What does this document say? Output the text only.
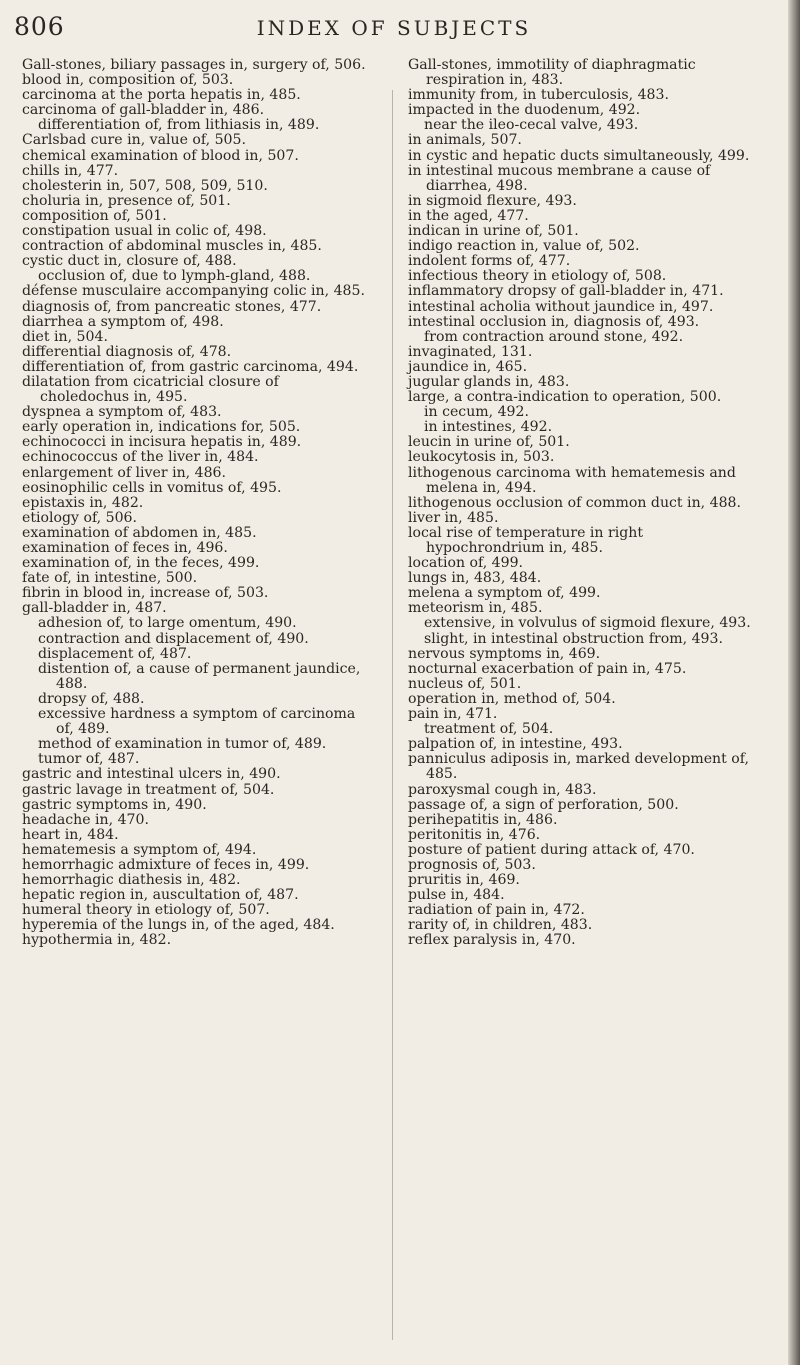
806	INDEX OF SUBJECTS

Gall-stones, biliary passages in, surgery of, 506.

blood in, composition of, 503.

carcinoma at the porta hepatis in, 485.

carcinoma of gall-bladder in, 486.

differentiation of, from lithiasis in, 489.

Carlsbad cure in, value of, 505.

chemical examination of blood in, 507.

chills in, 477.

cholesterin in, 507, 508, 509, 510.

choluria in, presence of, 501.

composition of, 501.

constipation usual in colic of, 498.

contraction of abdominal muscles in, 485.

cystic duct in, closure of, 488.

occlusion of, due to lymph-gland, 488.

défense musculaire accompanying colic in, 485.

diagnosis of, from pancreatic stones, 477.

diarrhea a symptom of, 498.

diet in, 504.

differential diagnosis of, 478.

differentiation of, from gastric carcinoma, 494.

dilatation from cicatricial closure of choledochus in, 495.

dyspnea a symptom of, 483.

early operation in, indications for, 505.

echinococci in incisura hepatis in, 489.

echinococcus of the liver in, 484.

enlargement of liver in, 486.

eosinophilic cells in vomitus of, 495.

epistaxis in, 482.

etiology of, 506.

examination of abdomen in, 485.

examination of feces in, 496.

examination of, in the feces, 499.

fate of, in intestine, 500.

fibrin in blood in, increase of, 503.

gall-bladder in, 487.

adhesion of, to large omentum, 490.

contraction and displacement of, 490.

displacement of, 487.

distention of, a cause of permanent jaundice, 488.

dropsy of, 488.

excessive hardness a symptom of carcinoma of, 489.

method of examination in tumor of, 489.

tumor of, 487.

gastric and intestinal ulcers in, 490.

gastric lavage in treatment of, 504.

gastric symptoms in, 490.

headache in, 470.

heart in, 484.

hematemesis a symptom of, 494.

hemorrhagic admixture of feces in, 499.

hemorrhagic diathesis in, 482.

hepatic region in, auscultation of, 487.

humeral theory in etiology of, 507.

hyperemia of the lungs in, of the aged, 484.

hypothermia in, 482.

Gall-stones, immotility of diaphragmatic respiration in, 483.

immunity from, in tuberculosis, 483.

impacted in the duodenum, 492.

near the ileo-cecal valve, 493.

in animals, 507.

in cystic and hepatic ducts simultaneously, 499.

in intestinal mucous membrane a cause of diarrhea, 498.

in sigmoid flexure, 493.

in the aged, 477.

indican in urine of, 501.

indigo reaction in, value of, 502.

indolent forms of, 477.

infectious theory in etiology of, 508.

inflammatory dropsy of gall-bladder in, 471.

intestinal acholia without jaundice in, 497.

intestinal occlusion in, diagnosis of, 493.

from contraction around stone, 492.

invaginated, 131.

jaundice in, 465.

jugular glands in, 483.

large, a contra-indication to operation, 500.

in cecum, 492.

in intestines, 492.

leucin in urine of, 501.

leukocytosis in, 503.

lithogenous carcinoma with hematemesis and melena in, 494.

lithogenous occlusion of common duct in, 488.

liver in, 485.

local rise of temperature in right hypochrondrium in, 485.

location of, 499.

lungs in, 483, 484.

melena a symptom of, 499.

meteorism in, 485.

extensive, in volvulus of sigmoid flexure, 493.

slight, in intestinal obstruction from, 493.

nervous symptoms in, 469.

nocturnal exacerbation of pain in, 475.

nucleus of, 501.

operation in, method of, 504.

pain in, 471.

treatment of, 504.

palpation of, in intestine, 493.

panniculus adiposis in, marked development of, 485.

paroxysmal cough in, 483.

passage of, a sign of perforation, 500.

perihepatitis in, 486.

peritonitis in, 476.

posture of patient during attack of, 470.

prognosis of, 503.

pruritis in, 469.

pulse in, 484.

radiation of pain in, 472.

rarity of, in children, 483.

reflex paralysis in, 470.
